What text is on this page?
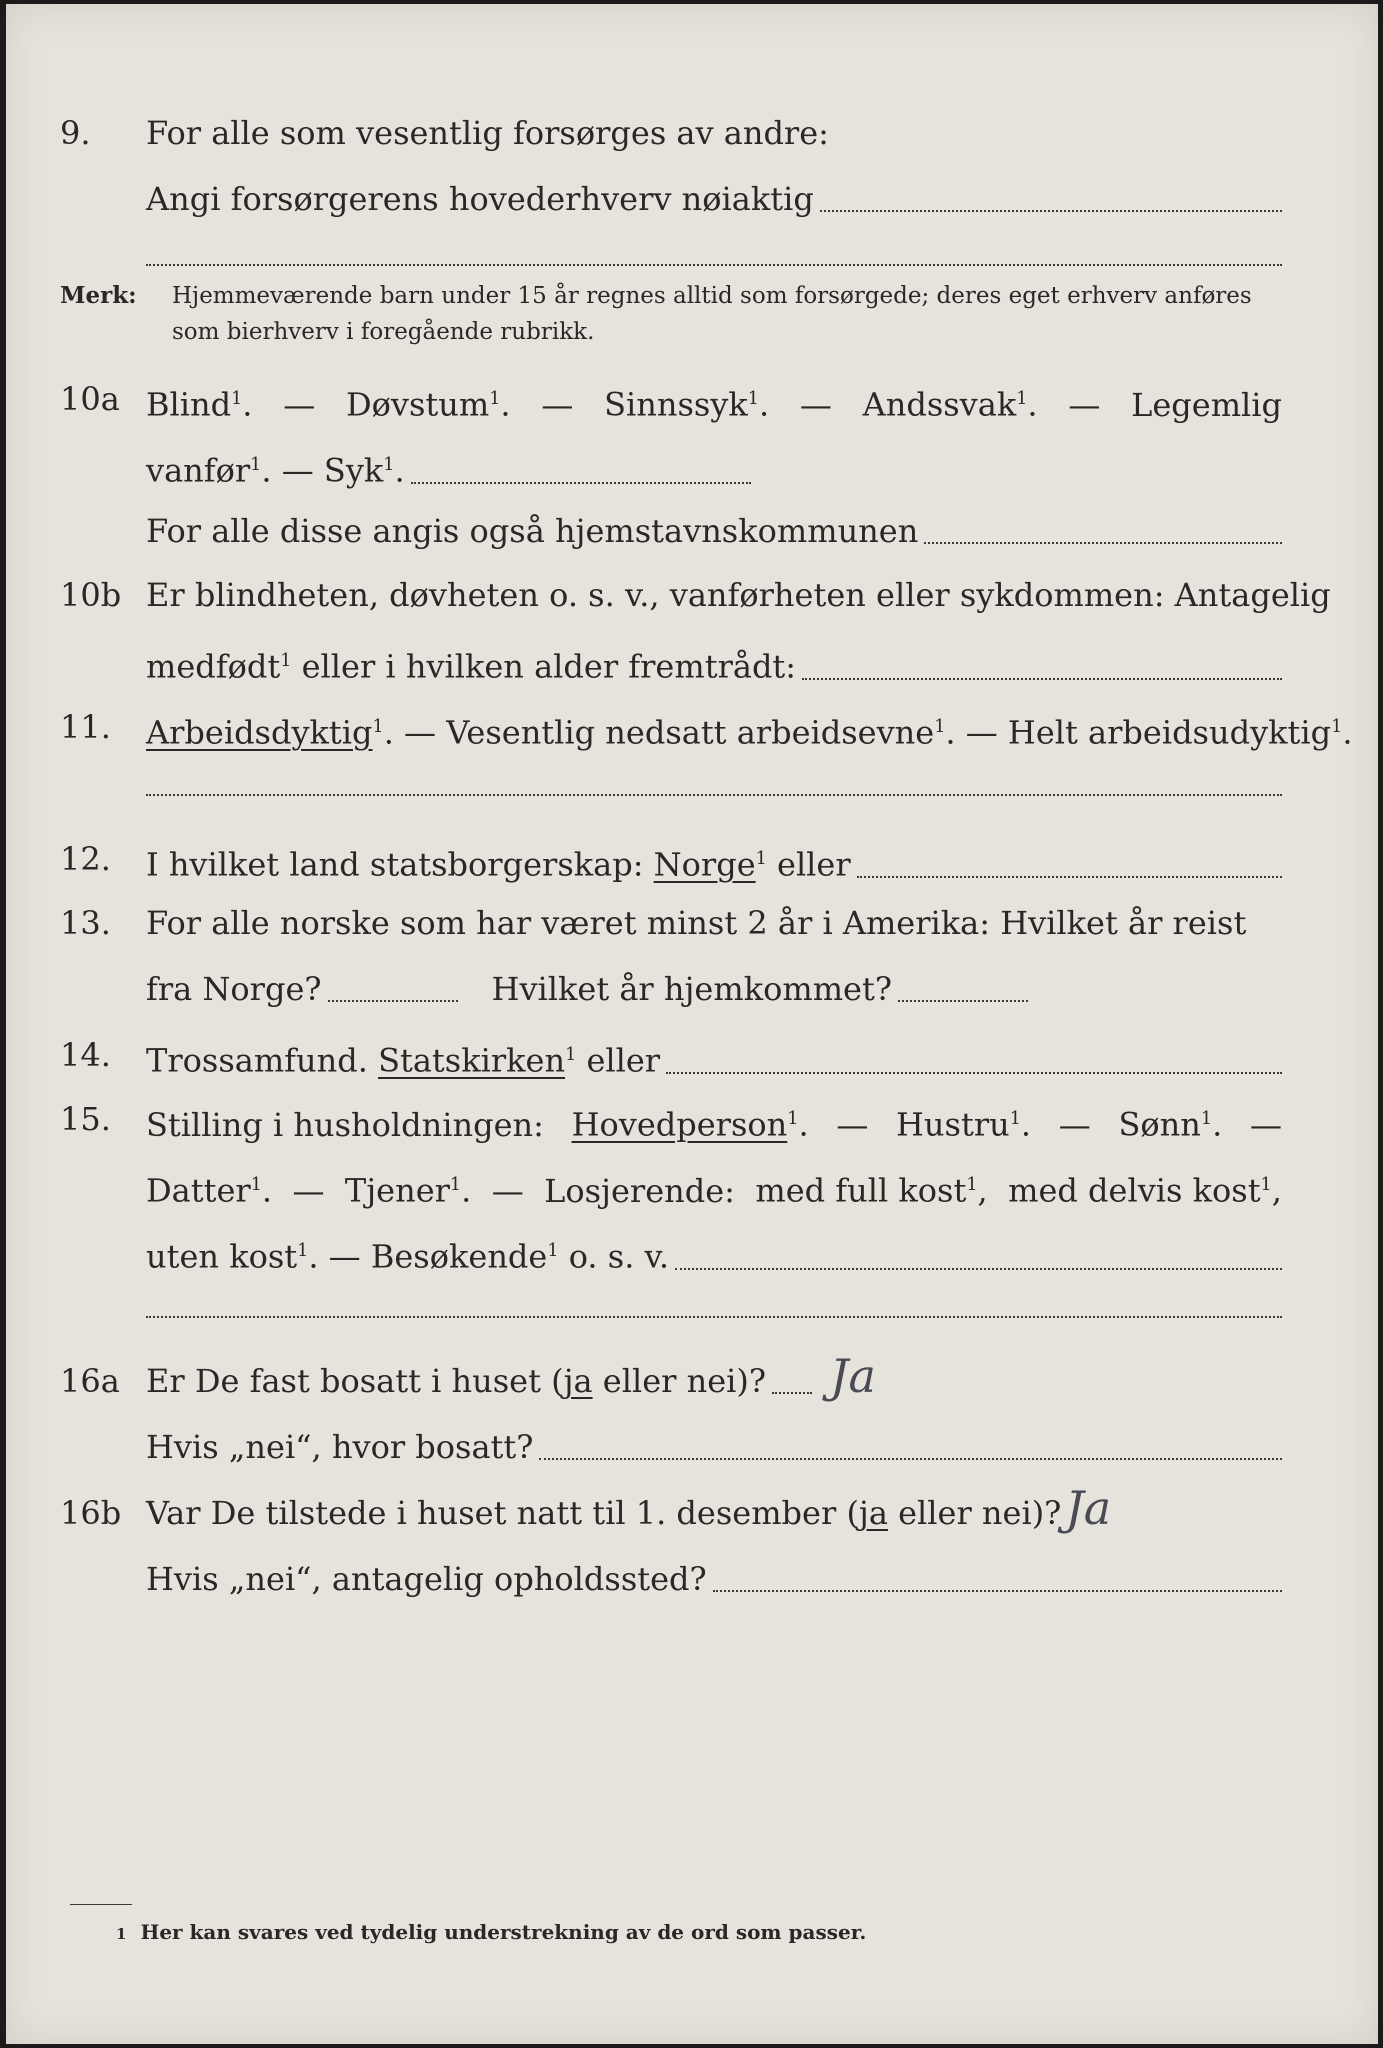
9. For alle som vesentlig forsørges av andre:
Angi forsørgerens hovederhverv nøiaktig
Merk: Hjemmeværende barn under 15 år regnes alltid som forsørgede; deres eget erhverv anføres som bierhverv i foregående rubrikk.
10a Blind$^1$. — Døvstum$^1$. — Sinnssyk$^1$. — Andssvak$^1$. — Legemlig
vanfør$^1$. — Syk$^1$.
For alle disse angis også hjemstavnskommunen
10b Er blindheten, døvheten o. s. v., vanførheten eller sykdommen: Antagelig
medfødt$^1$ eller i hvilken alder fremtrådt:
11. Arbeidsdyktig$^1$. — Vesentlig nedsatt arbeidsevne$^1$. — Helt arbeidsudyktig$^1$.
12. I hvilket land statsborgerskap: Norge$^1$ eller
13. For alle norske som har været minst 2 år i Amerika: Hvilket år reist
fra Norge?	Hvilket år hjemkommet?
14. Trossamfund. Statskirken$^1$ eller
15. Stilling i husholdningen: Hovedperson$^1$. — Hustru$^1$. — Sønn$^1$. —
Datter$^1$. — Tjener$^1$. — Losjerende: med full kost$^1$, med delvis kost$^1$,
uten kost$^1$. — Besøkende$^1$ o. s. v.
16a Er De fast bosatt i huset (ja eller nei)? Ja
Hvis „nei“, hvor bosatt?
16b Var De tilstede i huset natt til 1. desember (ja eller nei)? Ja
Hvis „nei“, antagelig opholdssted?
1 Her kan svares ved tydelig understrekning av de ord som passer.
